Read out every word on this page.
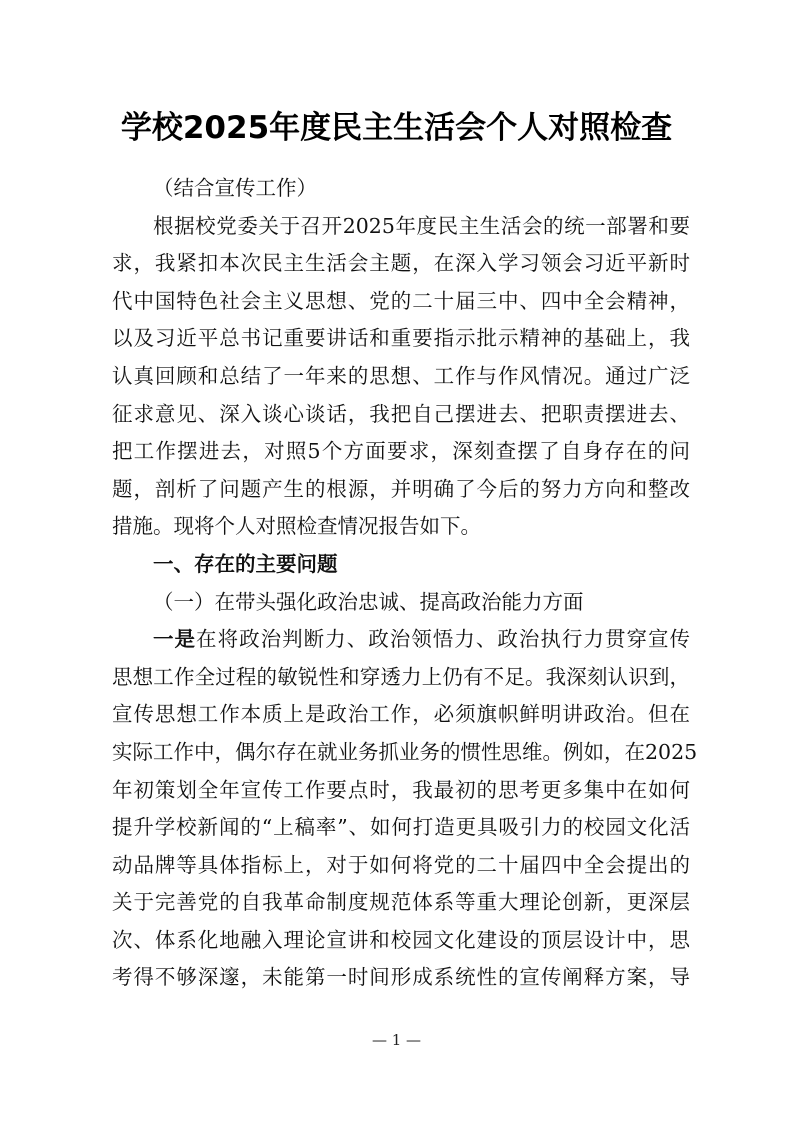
学校2025年度民主生活会个人对照检查
（结合宣传工作）
根据校党委关于召开2025年度民主生活会的统一部署和要
求，我紧扣本次民主生活会主题，在深入学习领会习近平新时
代中国特色社会主义思想、党的二十届三中、四中全会精神，
以及习近平总书记重要讲话和重要指示批示精神的基础上，我
认真回顾和总结了一年来的思想、工作与作风情况。通过广泛
征求意见、深入谈心谈话，我把自己摆进去、把职责摆进去、
把工作摆进去，对照5个方面要求，深刻查摆了自身存在的问
题，剖析了问题产生的根源，并明确了今后的努力方向和整改
措施。现将个人对照检查情况报告如下。
一、存在的主要问题
（一）在带头强化政治忠诚、提高政治能力方面
一是在将政治判断力、政治领悟力、政治执行力贯穿宣传
思想工作全过程的敏锐性和穿透力上仍有不足。我深刻认识到，
宣传思想工作本质上是政治工作，必须旗帜鲜明讲政治。但在
实际工作中，偶尔存在就业务抓业务的惯性思维。例如，在2025
年初策划全年宣传工作要点时，我最初的思考更多集中在如何
提升学校新闻的“上稿率”、如何打造更具吸引力的校园文化活
动品牌等具体指标上，对于如何将党的二十届四中全会提出的
关于完善党的自我革命制度规范体系等重大理论创新，更深层
次、体系化地融入理论宣讲和校园文化建设的顶层设计中，思
考得不够深邃，未能第一时间形成系统性的宣传阐释方案，导
— 1 —
